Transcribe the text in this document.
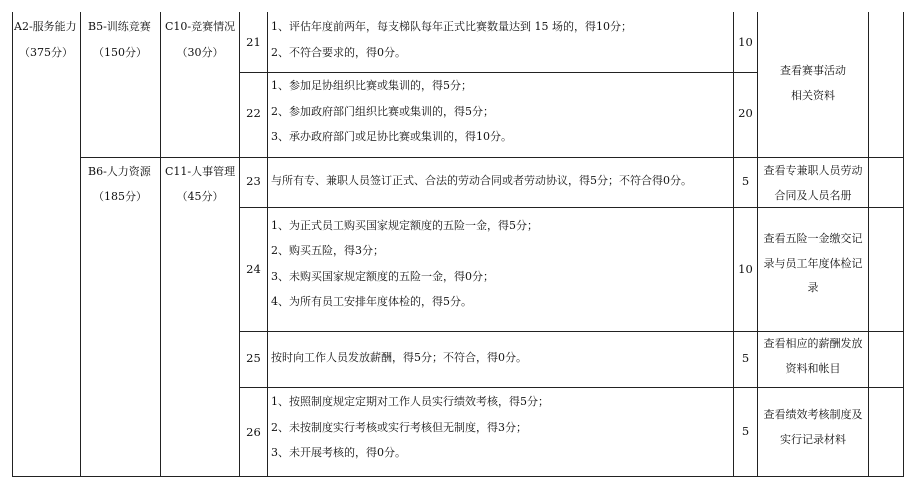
A2-服务能力
（375分）
B5-训练竞赛
（150分）
C10-竞赛情况
（30分）
21
1、评估年度前两年，每支梯队每年正式比赛数量达到 15 场的，得10分；
2、不符合要求的，得0分。
10
22
1、参加足协组织比赛或集训的，得5分；
2、参加政府部门组织比赛或集训的，得5分；
3、承办政府部门或足协比赛或集训的，得10分。
20
查看赛事活动
相关资料
B6-人力资源
（185分）
C11-人事管理
（45分）
23 与所有专、兼职人员签订正式、合法的劳动合同或者劳动协议，得5分；不符合得0分。	5
查看专兼职人员劳动
合同及人员名册
24
1、为正式员工购买国家规定额度的五险一金，得5分；
2、购买五险，得3分；
3、未购买国家规定额度的五险一金，得0分；
4、为所有员工安排年度体检的，得5分。
10
查看五险一金缴交记
录与员工年度体检记
录
25 按时向工作人员发放薪酬，得5分；不符合，得0分。	5
查看相应的薪酬发放
资料和帐目
26
1、按照制度规定定期对工作人员实行绩效考核，得5分；
2、未按制度实行考核或实行考核但无制度，得3分；
3、未开展考核的，得0分。
5
查看绩效考核制度及
实行记录材料
